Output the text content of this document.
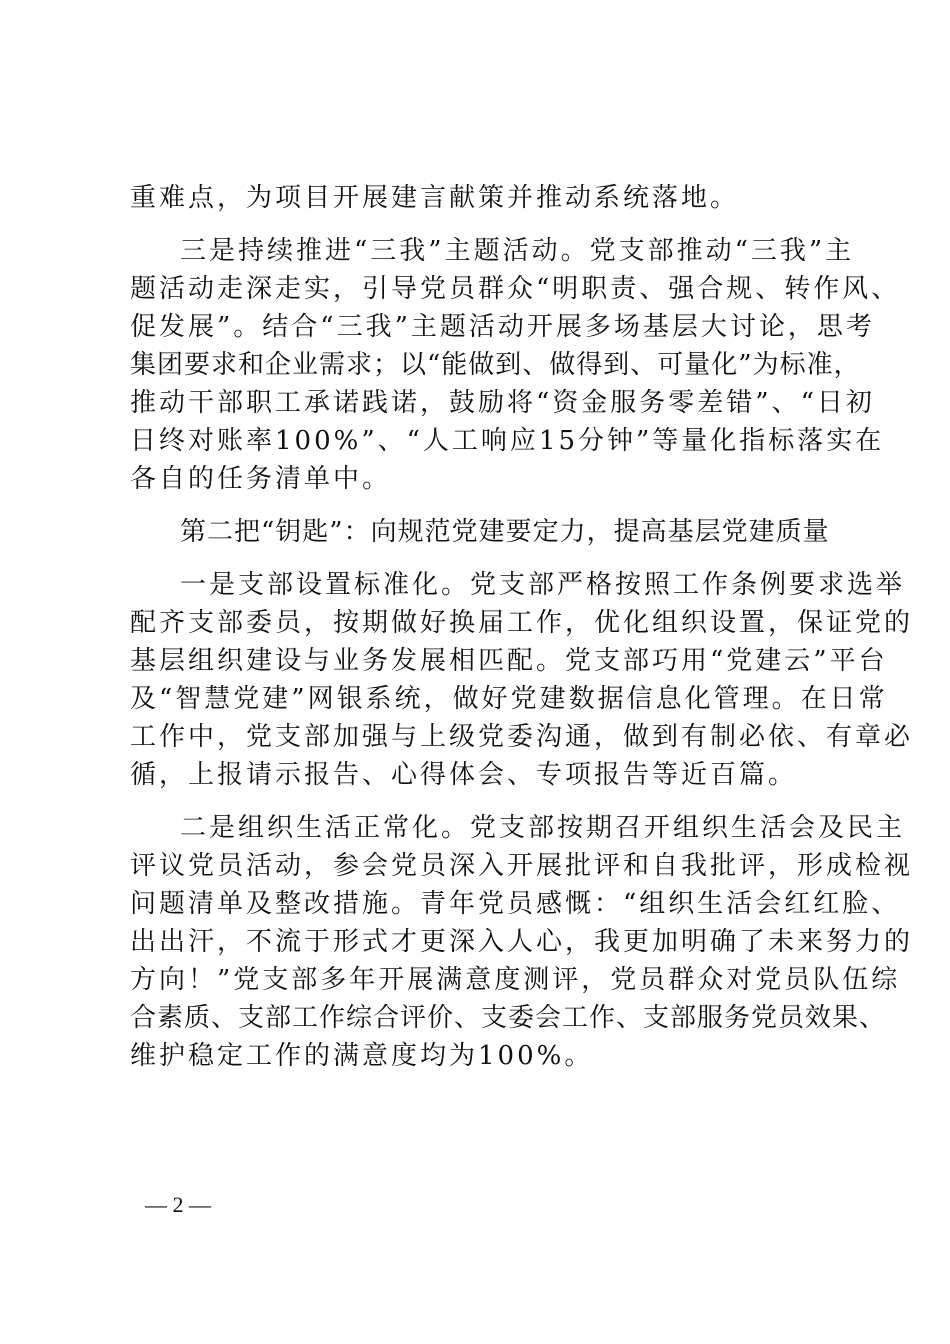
重难点，为项目开展建言献策并推动系统落地。
三是持续推进“三我”主题活动。党支部推动“三我”主
题活动走深走实，引导党员群众“明职责、强合规、转作风、
促发展”。结合“三我”主题活动开展多场基层大讨论，思考
集团要求和企业需求；以“能做到、做得到、可量化”为标准，
推动干部职工承诺践诺，鼓励将“资金服务零差错”、“日初
日终对账率100%”、“人工响应15分钟”等量化指标落实在
各自的任务清单中。
第二把“钥匙”：向规范党建要定力，提高基层党建质量
一是支部设置标准化。党支部严格按照工作条例要求选举
配齐支部委员，按期做好换届工作，优化组织设置，保证党的
基层组织建设与业务发展相匹配。党支部巧用“党建云”平台
及“智慧党建”网银系统，做好党建数据信息化管理。在日常
工作中，党支部加强与上级党委沟通，做到有制必依、有章必
循，上报请示报告、心得体会、专项报告等近百篇。
二是组织生活正常化。党支部按期召开组织生活会及民主
评议党员活动，参会党员深入开展批评和自我批评，形成检视
问题清单及整改措施。青年党员感慨：“组织生活会红红脸、
出出汗，不流于形式才更深入人心，我更加明确了未来努力的
方向！”党支部多年开展满意度测评，党员群众对党员队伍综
合素质、支部工作综合评价、支委会工作、支部服务党员效果、
维护稳定工作的满意度均为100%。
— 2 —
